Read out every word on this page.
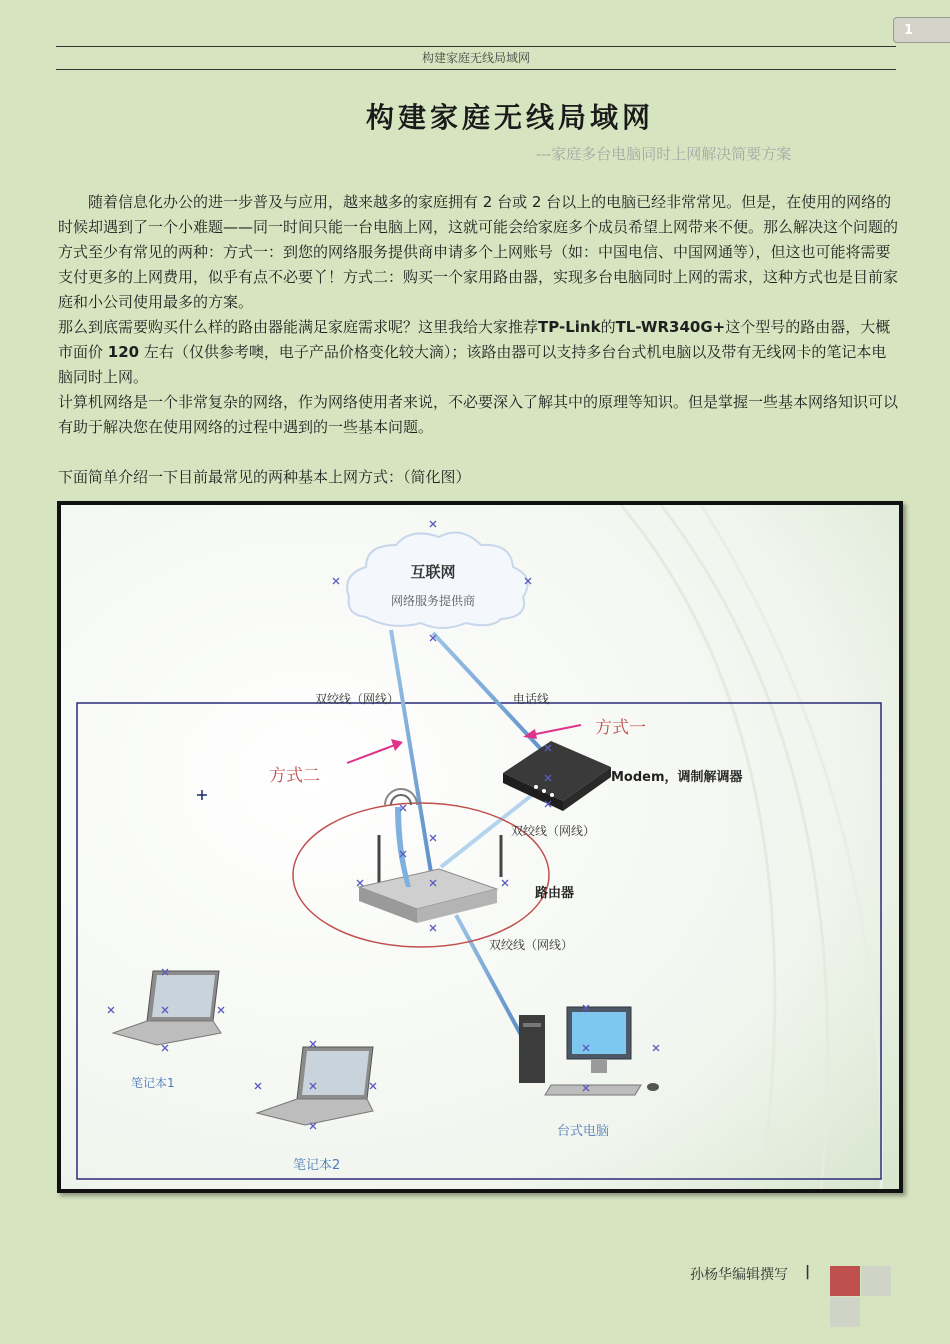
1
构建家庭无线局域网
构建家庭无线局域网
---家庭多台电脑同时上网解决简要方案

随着信息化办公的进一步普及与应用，越来越多的家庭拥有 2 台或 2 台以上的电脑已经非常常见。但是，在使用的网络的时候却遇到了一个小难题——同一时间只能一台电脑上网，这就可能会给家庭多个成员希望上网带来不便。那么解决这个问题的方式至少有常见的两种：方式一：到您的网络服务提供商申请多个上网账号（如：中国电信、中国网通等），但这也可能将需要支付更多的上网费用，似乎有点不必要丫！方式二：购买一个家用路由器，实现多台电脑同时上网的需求，这种方式也是目前家庭和小公司使用最多的方案。

那么到底需要购买什么样的路由器能满足家庭需求呢？这里我给大家推荐TP-Link的TL-WR340G+这个型号的路由器，大概市面价 120 左右（仅供参考噢，电子产品价格变化较大滴）；该路由器可以支持多台台式机电脑以及带有无线网卡的笔记本电脑同时上网。

计算机网络是一个非常复杂的网络，作为网络使用者来说，不必要深入了解其中的原理等知识。但是掌握一些基本网络知识可以有助于解决您在使用网络的过程中遇到的一些基本问题。

下面简单介绍一下目前最常见的两种基本上网方式：（简化图）
互联网
网络服务提供商
双绞线（网线）	电话线
方式一
方式二	Modem，调制解调器
双绞线（网线）
路由器
双绞线（网线）
笔记本1
笔记本2
台式电脑
孙杨华编辑撰写 |
